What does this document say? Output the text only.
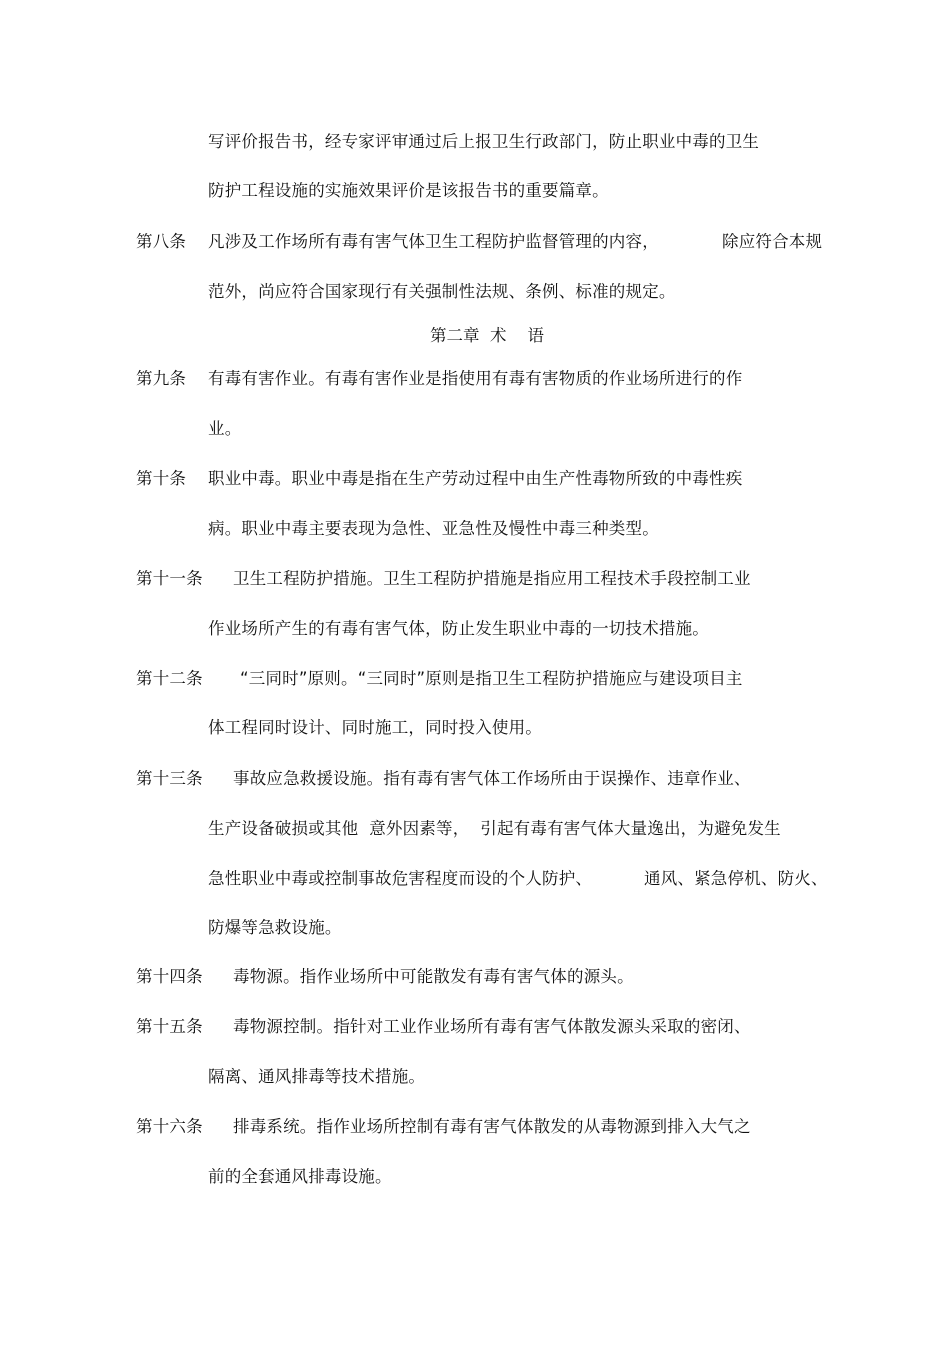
写评价报告书，经专家评审通过后上报卫生行政部门，防止职业中毒的卫生
防护工程设施的实施效果评价是该报告书的重要篇章。
第八条 凡涉及工作场所有毒有害气体卫生工程防护监督管理的内容，	除应符合本规
范外，尚应符合国家现行有关强制性法规、条例、标准的规定。
第二章  术    语
第九条 有毒有害作业。有毒有害作业是指使用有毒有害物质的作业场所进行的作
业。
第十条 职业中毒。职业中毒是指在生产劳动过程中由生产性毒物所致的中毒性疾
病。职业中毒主要表现为急性、亚急性及慢性中毒三种类型。
第十一条 卫生工程防护措施。卫生工程防护措施是指应用工程技术手段控制工业
作业场所产生的有毒有害气体，防止发生职业中毒的一切技术措施。
第十二条 “三同时”原则。“三同时”原则是指卫生工程防护措施应与建设项目主
体工程同时设计、同时施工，同时投入使用。
第十三条 事故应急救援设施。指有毒有害气体工作场所由于误操作、违章作业、
生产设备破损或其他  意外因素等，  引起有毒有害气体大量逸出，为避免发生
急性职业中毒或控制事故危害程度而设的个人防护、	通风、紧急停机、防火、
防爆等急救设施。
第十四条 毒物源。指作业场所中可能散发有毒有害气体的源头。
第十五条 毒物源控制。指针对工业作业场所有毒有害气体散发源头采取的密闭、
隔离、通风排毒等技术措施。
第十六条 排毒系统。指作业场所控制有毒有害气体散发的从毒物源到排入大气之
前的全套通风排毒设施。
